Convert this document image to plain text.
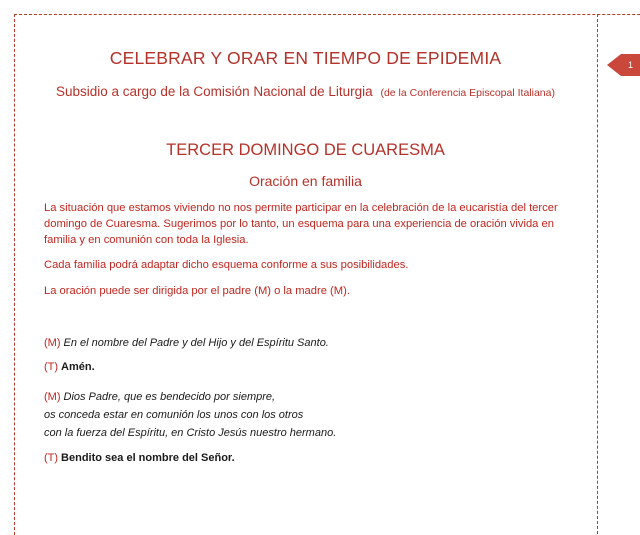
CELEBRAR Y ORAR EN TIEMPO DE EPIDEMIA
Subsidio a cargo de la Comisión Nacional de Liturgia (de la Conferencia Episcopal Italiana)
TERCER DOMINGO DE CUARESMA
Oración en familia

La situación que estamos viviendo no nos permite participar en la celebración de la eucaristía del tercer domingo de Cuaresma. Sugerimos por lo tanto, un esquema para una experiencia de oración vivida en familia y en comunión con toda la Iglesia.

Cada familia podrá adaptar dicho esquema conforme a sus posibilidades.
La oración puede ser dirigida por el padre (M) o la madre (M).
(M) En el nombre del Padre y del Hijo y del Espíritu Santo.
(T) Amén.
(M) Dios Padre, que es bendecido por siempre,
os conceda estar en comunión los unos con los otros
con la fuerza del Espíritu, en Cristo Jesús nuestro hermano.
(T) Bendito sea el nombre del Señor.
1
